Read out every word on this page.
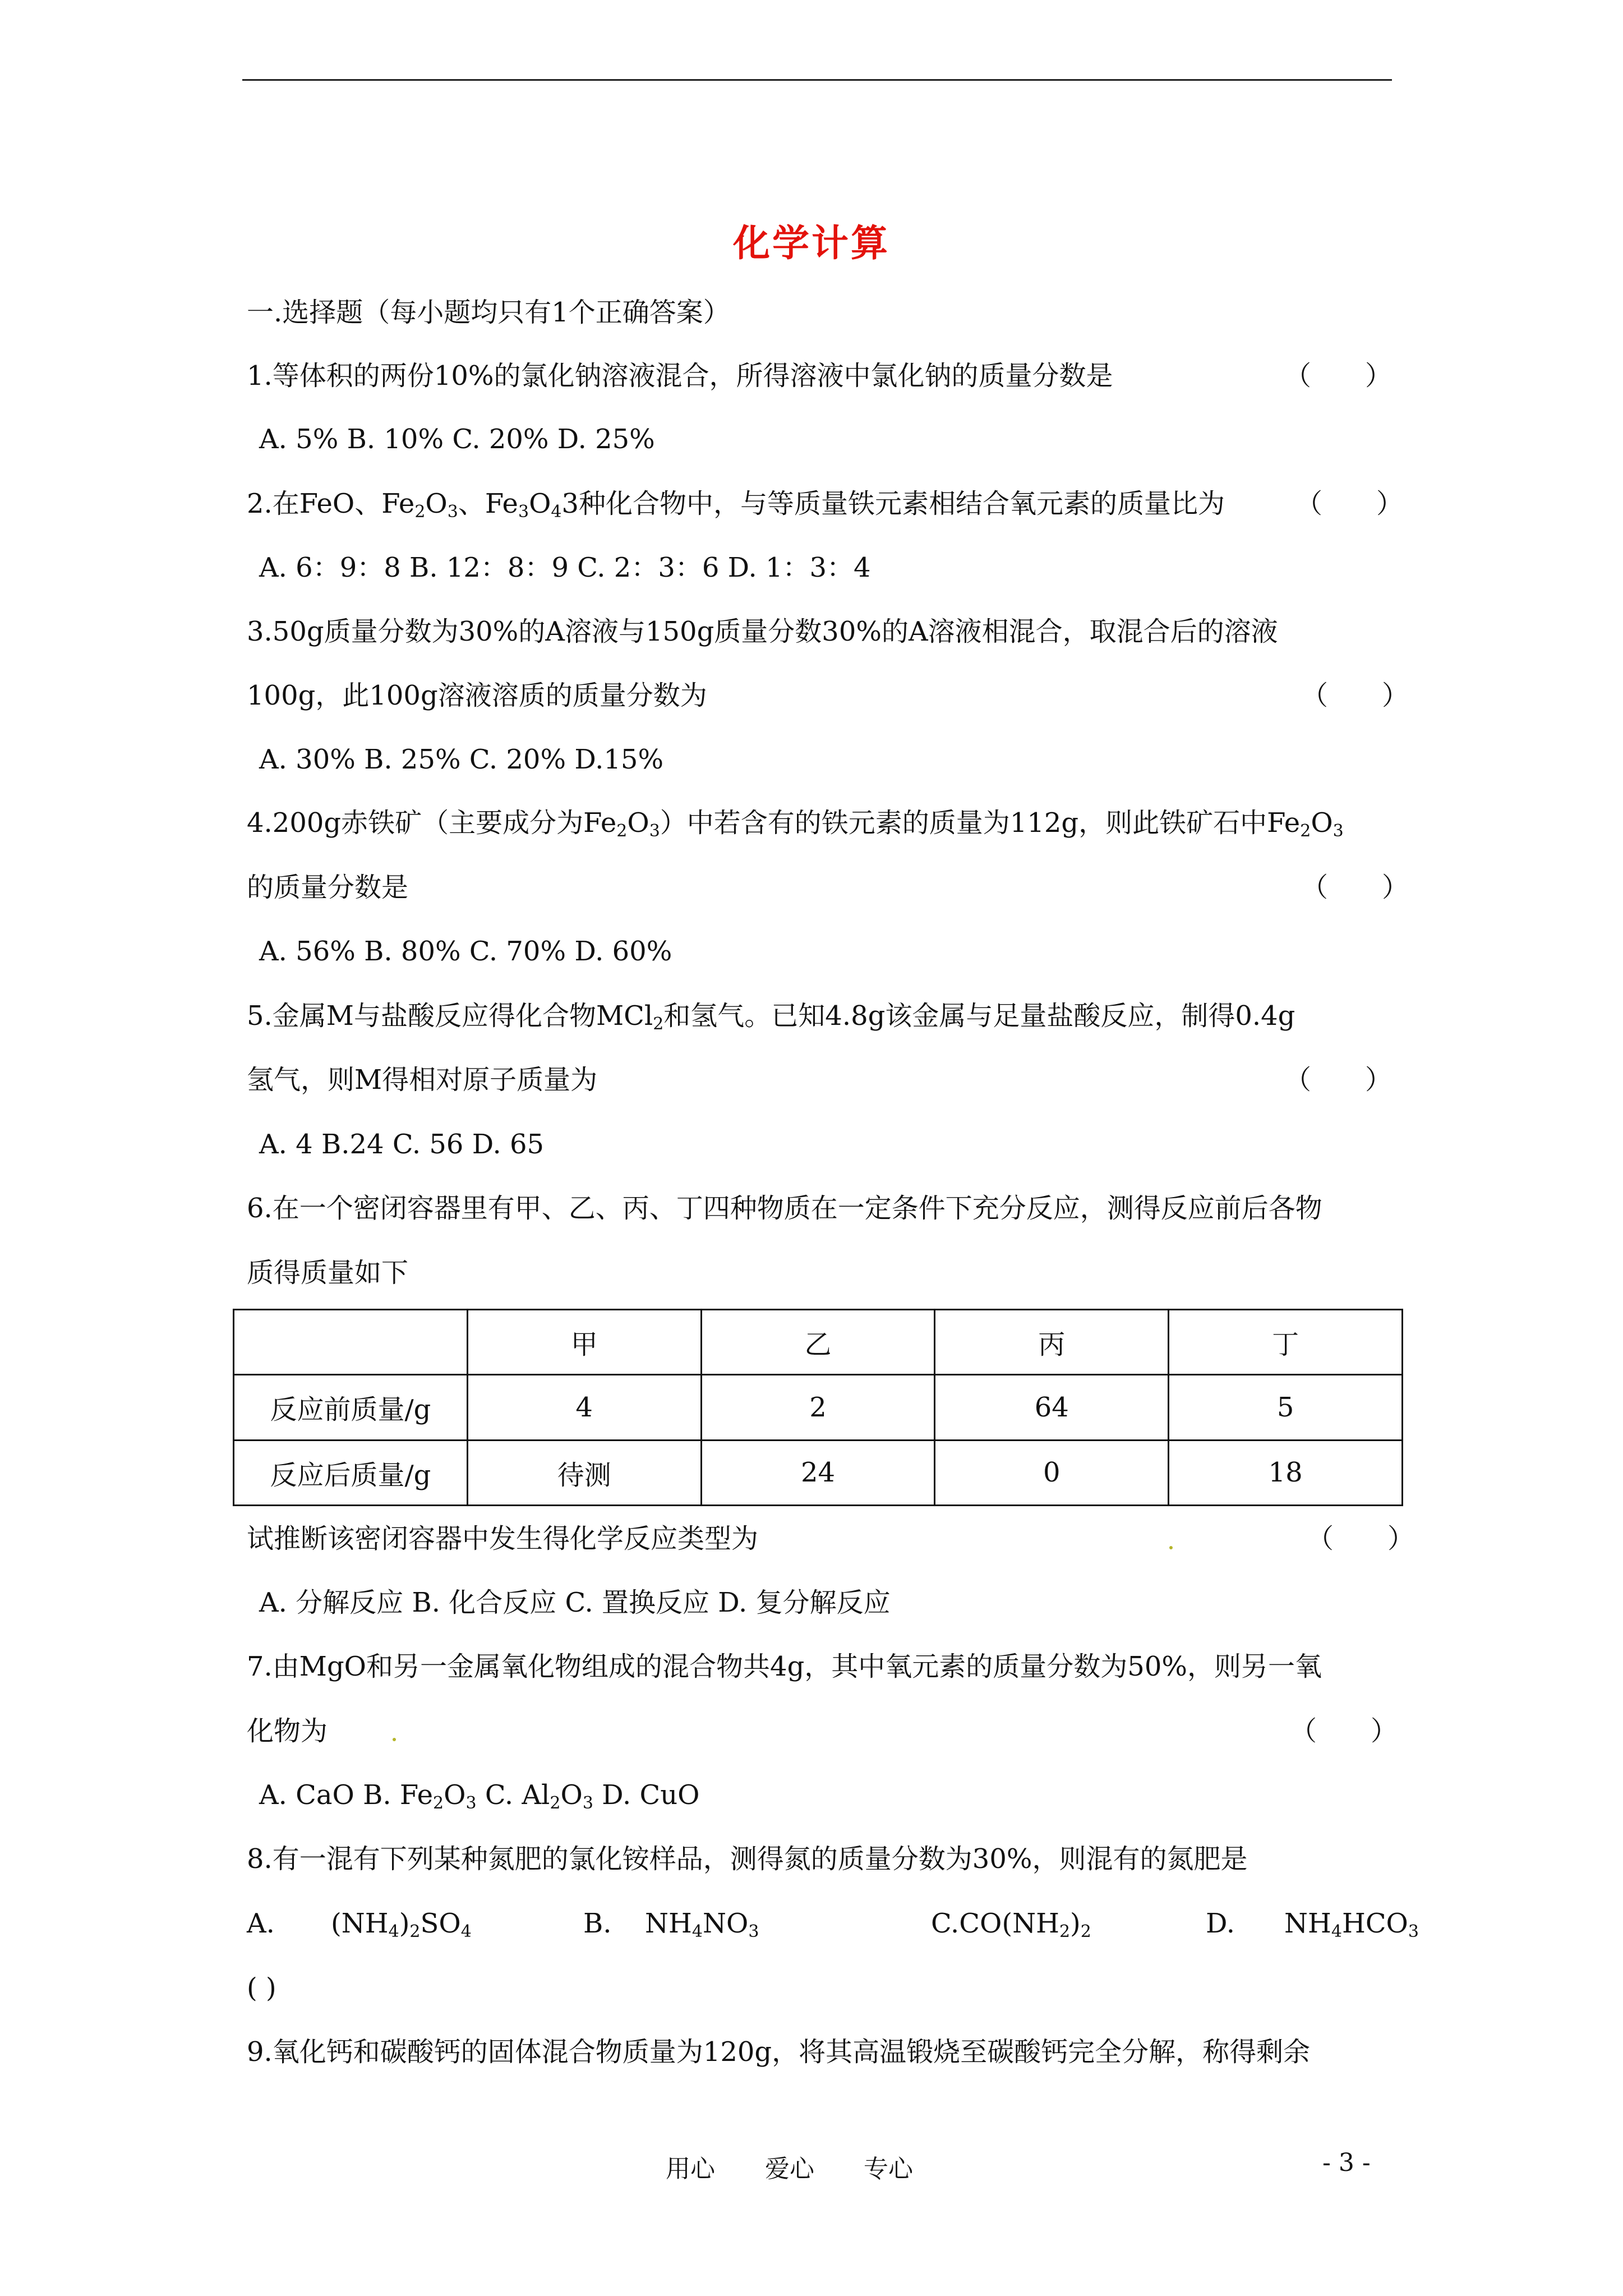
化学计算
一.选择题（每小题均只有1个正确答案）
1.等体积的两份10%的氯化钠溶液混合，所得溶液中氯化钠的质量分数是	（　　）
A. 5% B. 10% C. 20% D. 25%
2.在FeO、$Fe_2O_3$、$Fe_3O_43$种化合物中，与等质量铁元素相结合氧元素的质量比为	（　　）
A. 6：9：8 B. 12：8：9 C. 2：3：6 D. 1：3：4
3.50g质量分数为30%的A溶液与150g质量分数30%的A溶液相混合，取混合后的溶液
100g，此100g溶液溶质的质量分数为	（　　）
A. 30% B. 25% C. 20% D.15%
4.200g赤铁矿（主要成分为$Fe_2O_3$）中若含有的铁元素的质量为112g，则此铁矿石中$Fe_2O_3$
的质量分数是	（　　）
A. 56% B. 80% C. 70% D. 60%
5.金属M与盐酸反应得化合物MCl$_2$和氢气。已知4.8g该金属与足量盐酸反应，制得0.4g
氢气，则M得相对原子质量为	（　　）
A. 4 B.24 C. 56 D. 65
6.在一个密闭容器里有甲、乙、丙、丁四种物质在一定条件下充分反应，测得反应前后各物
质得质量如下
	甲	乙	丙	丁
反应前质量/g	4	2	64	5
反应后质量/g	待测	24	0	18
试推断该密闭容器中发生得化学反应类型为	（　　）
A. 分解反应 B. 化合反应 C. 置换反应 D. 复分解反应
7.由MgO和另一金属氧化物组成的混合物共4g，其中氧元素的质量分数为50%，则另一氧
化物为	（　　）
A. CaO B. $Fe_2O_3$ C. $Al_2O_3$ D. CuO
8.有一混有下列某种氮肥的氯化铵样品，测得氮的质量分数为30%，则混有的氮肥是
A. $(NH_4)_2SO_4$	B. $NH_4NO_3$	$C.CO(NH_2)_2$	D. $NH_4HCO_3$
( )
9.氧化钙和碳酸钙的固体混合物质量为120g，将其高温锻烧至碳酸钙完全分解，称得剩余
用心 爱心 专心	- 3 -
